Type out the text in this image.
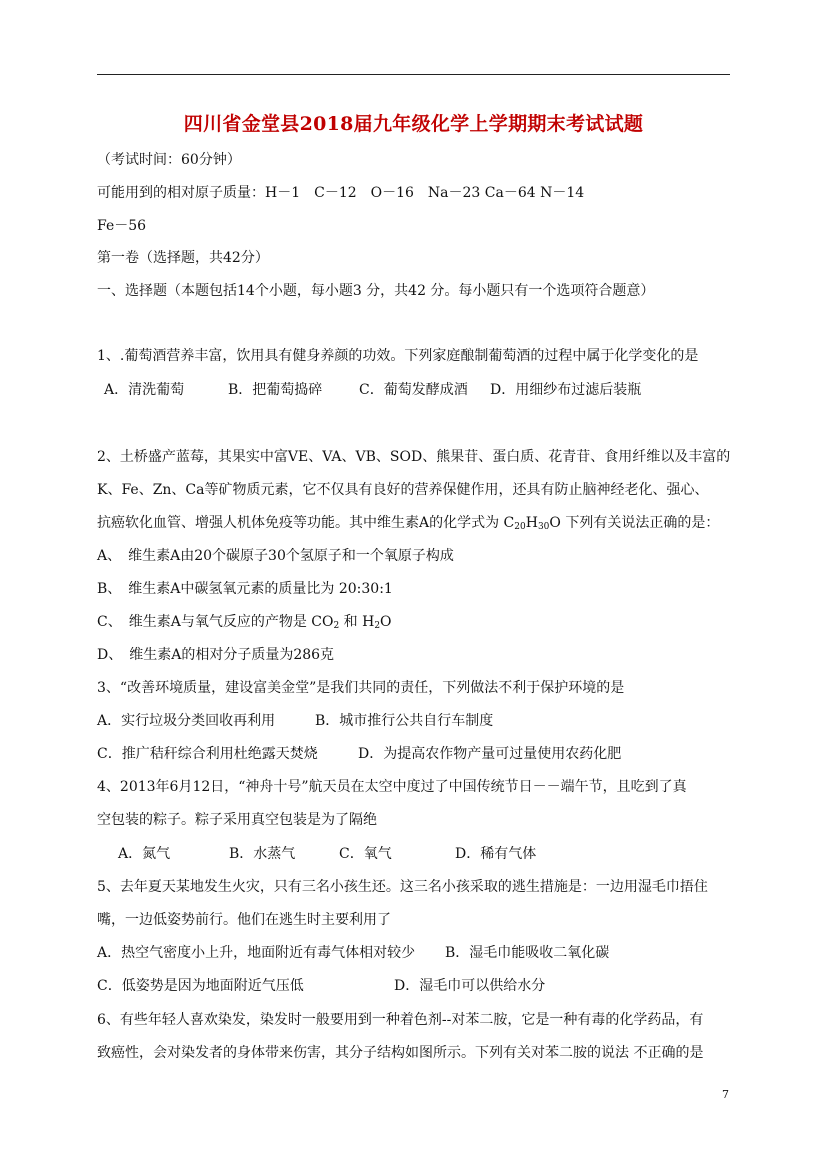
四川省金堂县2018届九年级化学上学期期末考试试题
（考试时间：60分钟）
可能用到的相对原子质量：H－1　C－12　O－16　Na－23 Ca－64 N－14
Fe－56
第一卷（选择题，共42分）
一、选择题（本题包括14个小题，每小题3 分，共42 分。每小题只有一个选项符合题意）
1、.葡萄酒营养丰富，饮用具有健身养颜的功效。下列家庭酿制葡萄酒的过程中属于化学变化的是
A．清洗葡萄	B．把葡萄捣碎	C．葡萄发酵成酒 D．用细纱布过滤后装瓶
2、土桥盛产蓝莓，其果实中富VE、VA、VB、SOD、熊果苷、蛋白质、花青苷、食用纤维以及丰富的
K、Fe、Zn、Ca等矿物质元素，它不仅具有良好的营养保健作用，还具有防止脑神经老化、强心、
抗癌软化血管、增强人机体免疫等功能。其中维生素A的化学式为 $C_{20}H_{30}O$ 下列有关说法正确的是：
A、　维生素A由20个碳原子30个氢原子和一个氧原子构成
B、　维生素A中碳氢氧元素的质量比为 20:30:1
C、　维生素A与氧气反应的产物是 $CO_2$ 和 $H_2O$
D、　维生素A的相对分子质量为286克
3、“改善环境质量，建设富美金堂”是我们共同的责任，下列做法不利于保护环境的是
A．实行垃圾分类回收再利用	B．城市推行公共自行车制度
C．推广秸秆综合利用杜绝露天焚烧	D．为提高农作物产量可过量使用农药化肥
4、2013年6月12日，“神舟十号”航天员在太空中度过了中国传统节日－－端午节，且吃到了真
空包装的粽子。粽子采用真空包装是为了隔绝
A．氮气	B．水蒸气	C．氧气	D．稀有气体
5、去年夏天某地发生火灾，只有三名小孩生还。这三名小孩采取的逃生措施是：一边用湿毛巾捂住
嘴，一边低姿势前行。他们在逃生时主要利用了
A．热空气密度小上升，地面附近有毒气体相对较少 B．湿毛巾能吸收二氧化碳
C．低姿势是因为地面附近气压低	D．湿毛巾可以供给水分
6、有些年轻人喜欢染发，染发时一般要用到一种着色剂--对苯二胺，它是一种有毒的化学药品，有
致癌性，会对染发者的身体带来伤害，其分子结构如图所示。下列有关对苯二胺的说法 不正确的是
7
